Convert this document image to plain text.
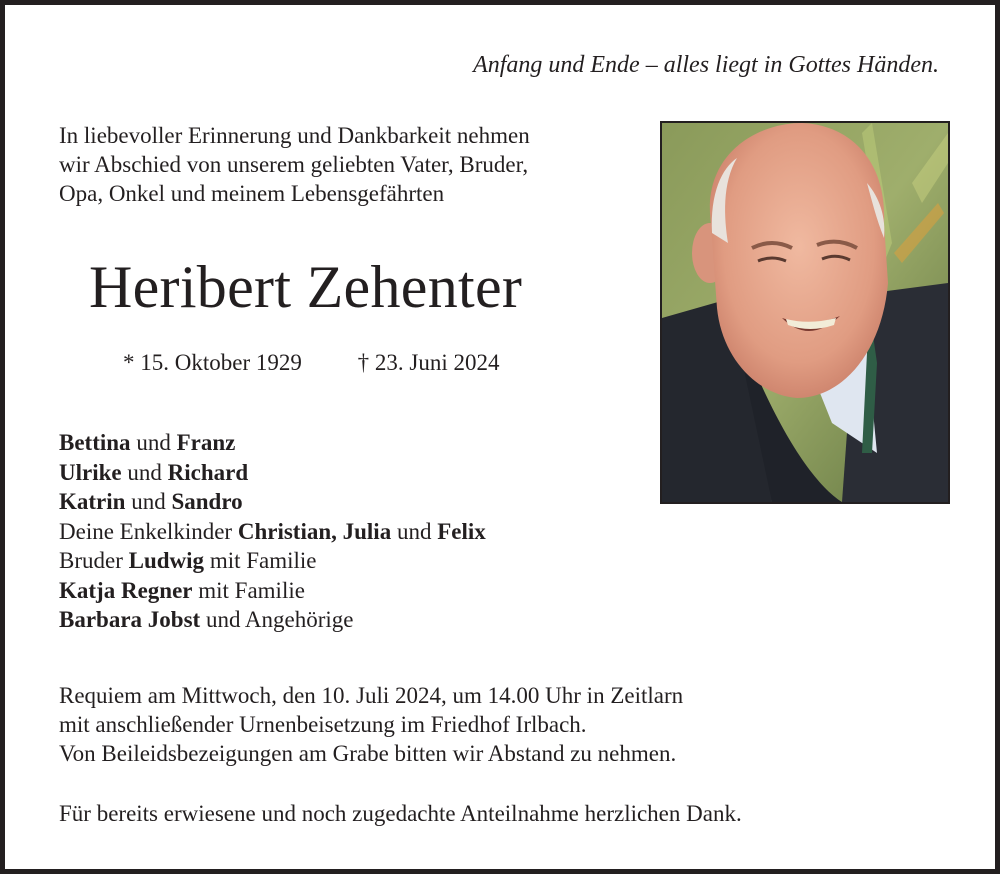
Anfang und Ende – alles liegt in Gottes Händen.
In liebevoller Erinnerung und Dankbarkeit nehmen
wir Abschied von unserem geliebten Vater, Bruder,
Opa, Onkel und meinem Lebensgefährten
Heribert Zehenter
* 15. Oktober 1929 † 23. Juni 2024
Bettina und Franz
Ulrike und Richard
Katrin und Sandro
Deine Enkelkinder Christian, Julia und Felix
Bruder Ludwig mit Familie
Katja Regner mit Familie
Barbara Jobst und Angehörige
Requiem am Mittwoch, den 10. Juli 2024, um 14.00 Uhr in Zeitlarn
mit anschließender Urnenbeisetzung im Friedhof Irlbach.
Von Beileidsbezeigungen am Grabe bitten wir Abstand zu nehmen.
Für bereits erwiesene und noch zugedachte Anteilnahme herzlichen Dank.
